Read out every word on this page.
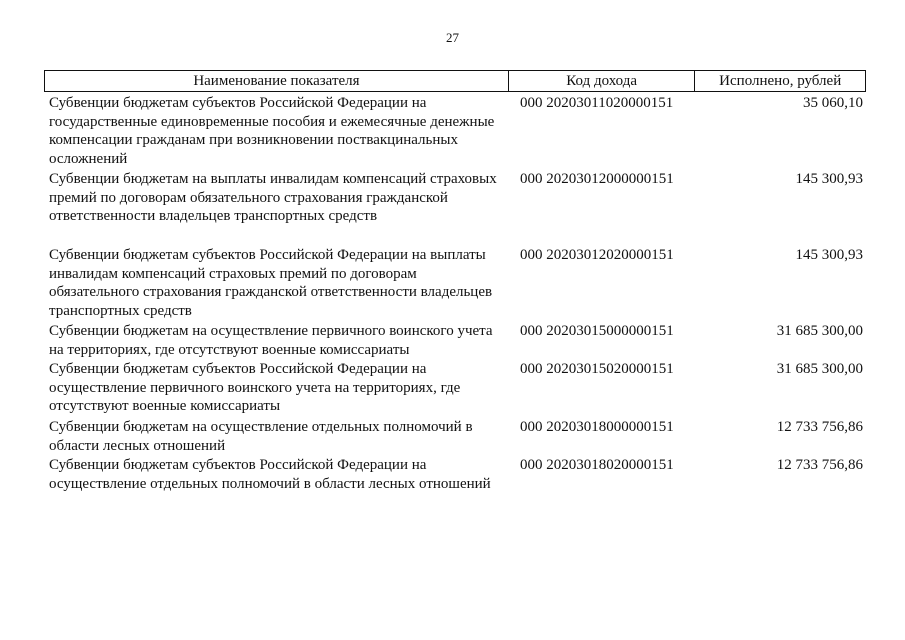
27
Наименование показателя	Код дохода	Исполнено, рублей
Субвенции бюджетам субъектов Российской Федерации на государственные единовременные пособия и ежемесячные денежные компенсации гражданам при возникновении поствакцинальных осложнений
000 20203011020000151	35 060,10
Субвенции бюджетам на выплаты инвалидам компенсаций страховых премий по договорам обязательного страхования гражданской ответственности владельцев транспортных средств
000 20203012000000151	145 300,93
Субвенции бюджетам субъектов Российской Федерации на выплаты инвалидам компенсаций страховых премий по договорам обязательного страхования гражданской ответственности владельцев транспортных средств
000 20203012020000151	145 300,93
Субвенции бюджетам на осуществление первичного воинского учета на территориях, где отсутствуют военные комиссариаты
000 20203015000000151	31 685 300,00
Субвенции бюджетам субъектов Российской Федерации на осуществление первичного воинского учета на территориях, где отсутствуют военные комиссариаты
000 20203015020000151	31 685 300,00
Субвенции бюджетам на осуществление отдельных полномочий в области лесных отношений
000 20203018000000151	12 733 756,86
Субвенции бюджетам субъектов Российской Федерации на осуществление отдельных полномочий в области лесных отношений
000 20203018020000151	12 733 756,86
